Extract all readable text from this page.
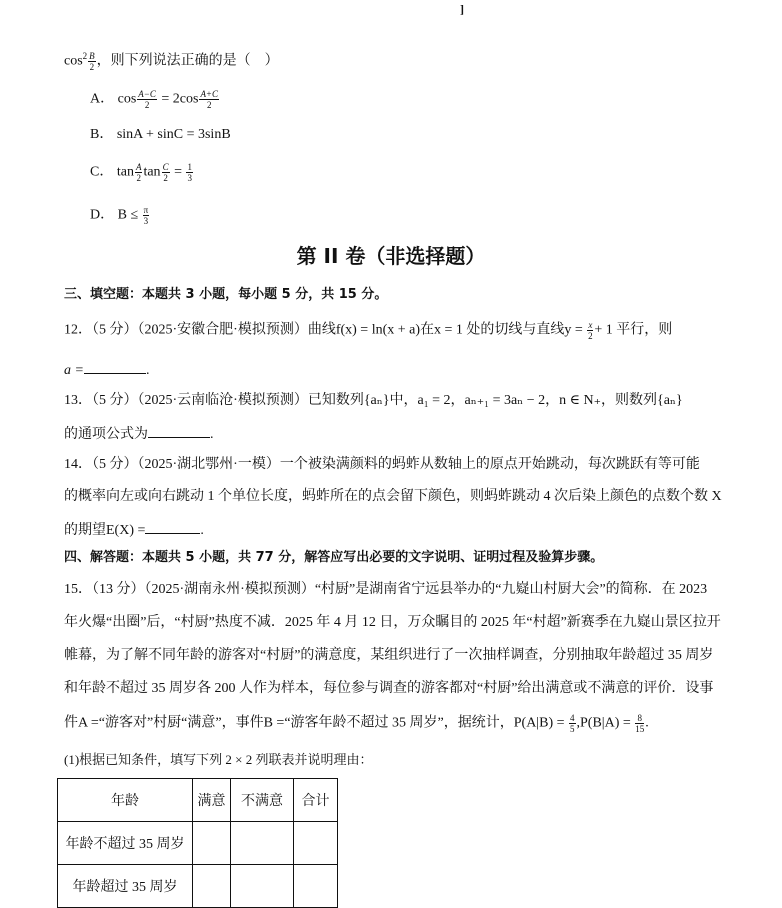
]
$\cos^2 \frac{B}{2}$ ，则下列说法正确的是（　）
A． $\cos \frac{A-C}{2} = 2\cos \frac{A+C}{2}$
B． sinA + sinC = 3sinB
C． $\tan \frac{A}{2}$ $\tan \frac{C}{2} = \frac{1}{3}$
D． $B \le \frac{\pi}{3}$
第 II 卷（非选择题）
三、填空题：本题共 3 小题，每小题 5 分，共 15 分。
12．（5 分）（2025·安徽合肥·模拟预测）曲线f(x) = ln(x + a)在x = 1 处的切线与直线$y = \frac{x}{2} + 1$ 平行，则
a =	.
13．（5 分）（2025·云南临沧·模拟预测）已知数列{aₙ}中，a₁ = 2，aₙ₊₁ = 3aₙ − 2，n ∈ N₊，则数列{aₙ}
的通项公式为	.
14．（5 分）（2025·湖北鄂州·一模）一个被染满颜料的蚂蚱从数轴上的原点开始跳动，每次跳跃有等可能
的概率向左或向右跳动 1 个单位长度，蚂蚱所在的点会留下颜色，则蚂蚱跳动 4 次后染上颜色的点数个数 X
的期望E(X) =	.
四、解答题：本题共 5 小题，共 77 分，解答应写出必要的文字说明、证明过程及验算步骤。
15．（13 分）（2025·湖南永州·模拟预测）“村厨”是湖南省宁远县举办的“九嶷山村厨大会”的简称．在 2023
年火爆“出圈”后，“村厨”热度不减．2025 年 4 月 12 日，万众瞩目的 2025 年“村超”新赛季在九嶷山景区拉开
帷幕，为了解不同年龄的游客对“村厨”的满意度，某组织进行了一次抽样调查，分别抽取年龄超过 35 周岁
和年龄不超过 35 周岁各 200 人作为样本，每位参与调查的游客都对“村厨”给出满意或不满意的评价．设事
件A =“游客对”村厨“满意”，事件B =“游客年龄不超过 35 周岁”，据统计，$P(A|B) = \frac{4}{5} ,P(B|A) = \frac{8}{15}$ .
(1)根据已知条件，填写下列 2 × 2 列联表并说明理由：
年龄	满意	不满意	合计
年龄不超过 35 周岁			
年龄超过 35 周岁			
